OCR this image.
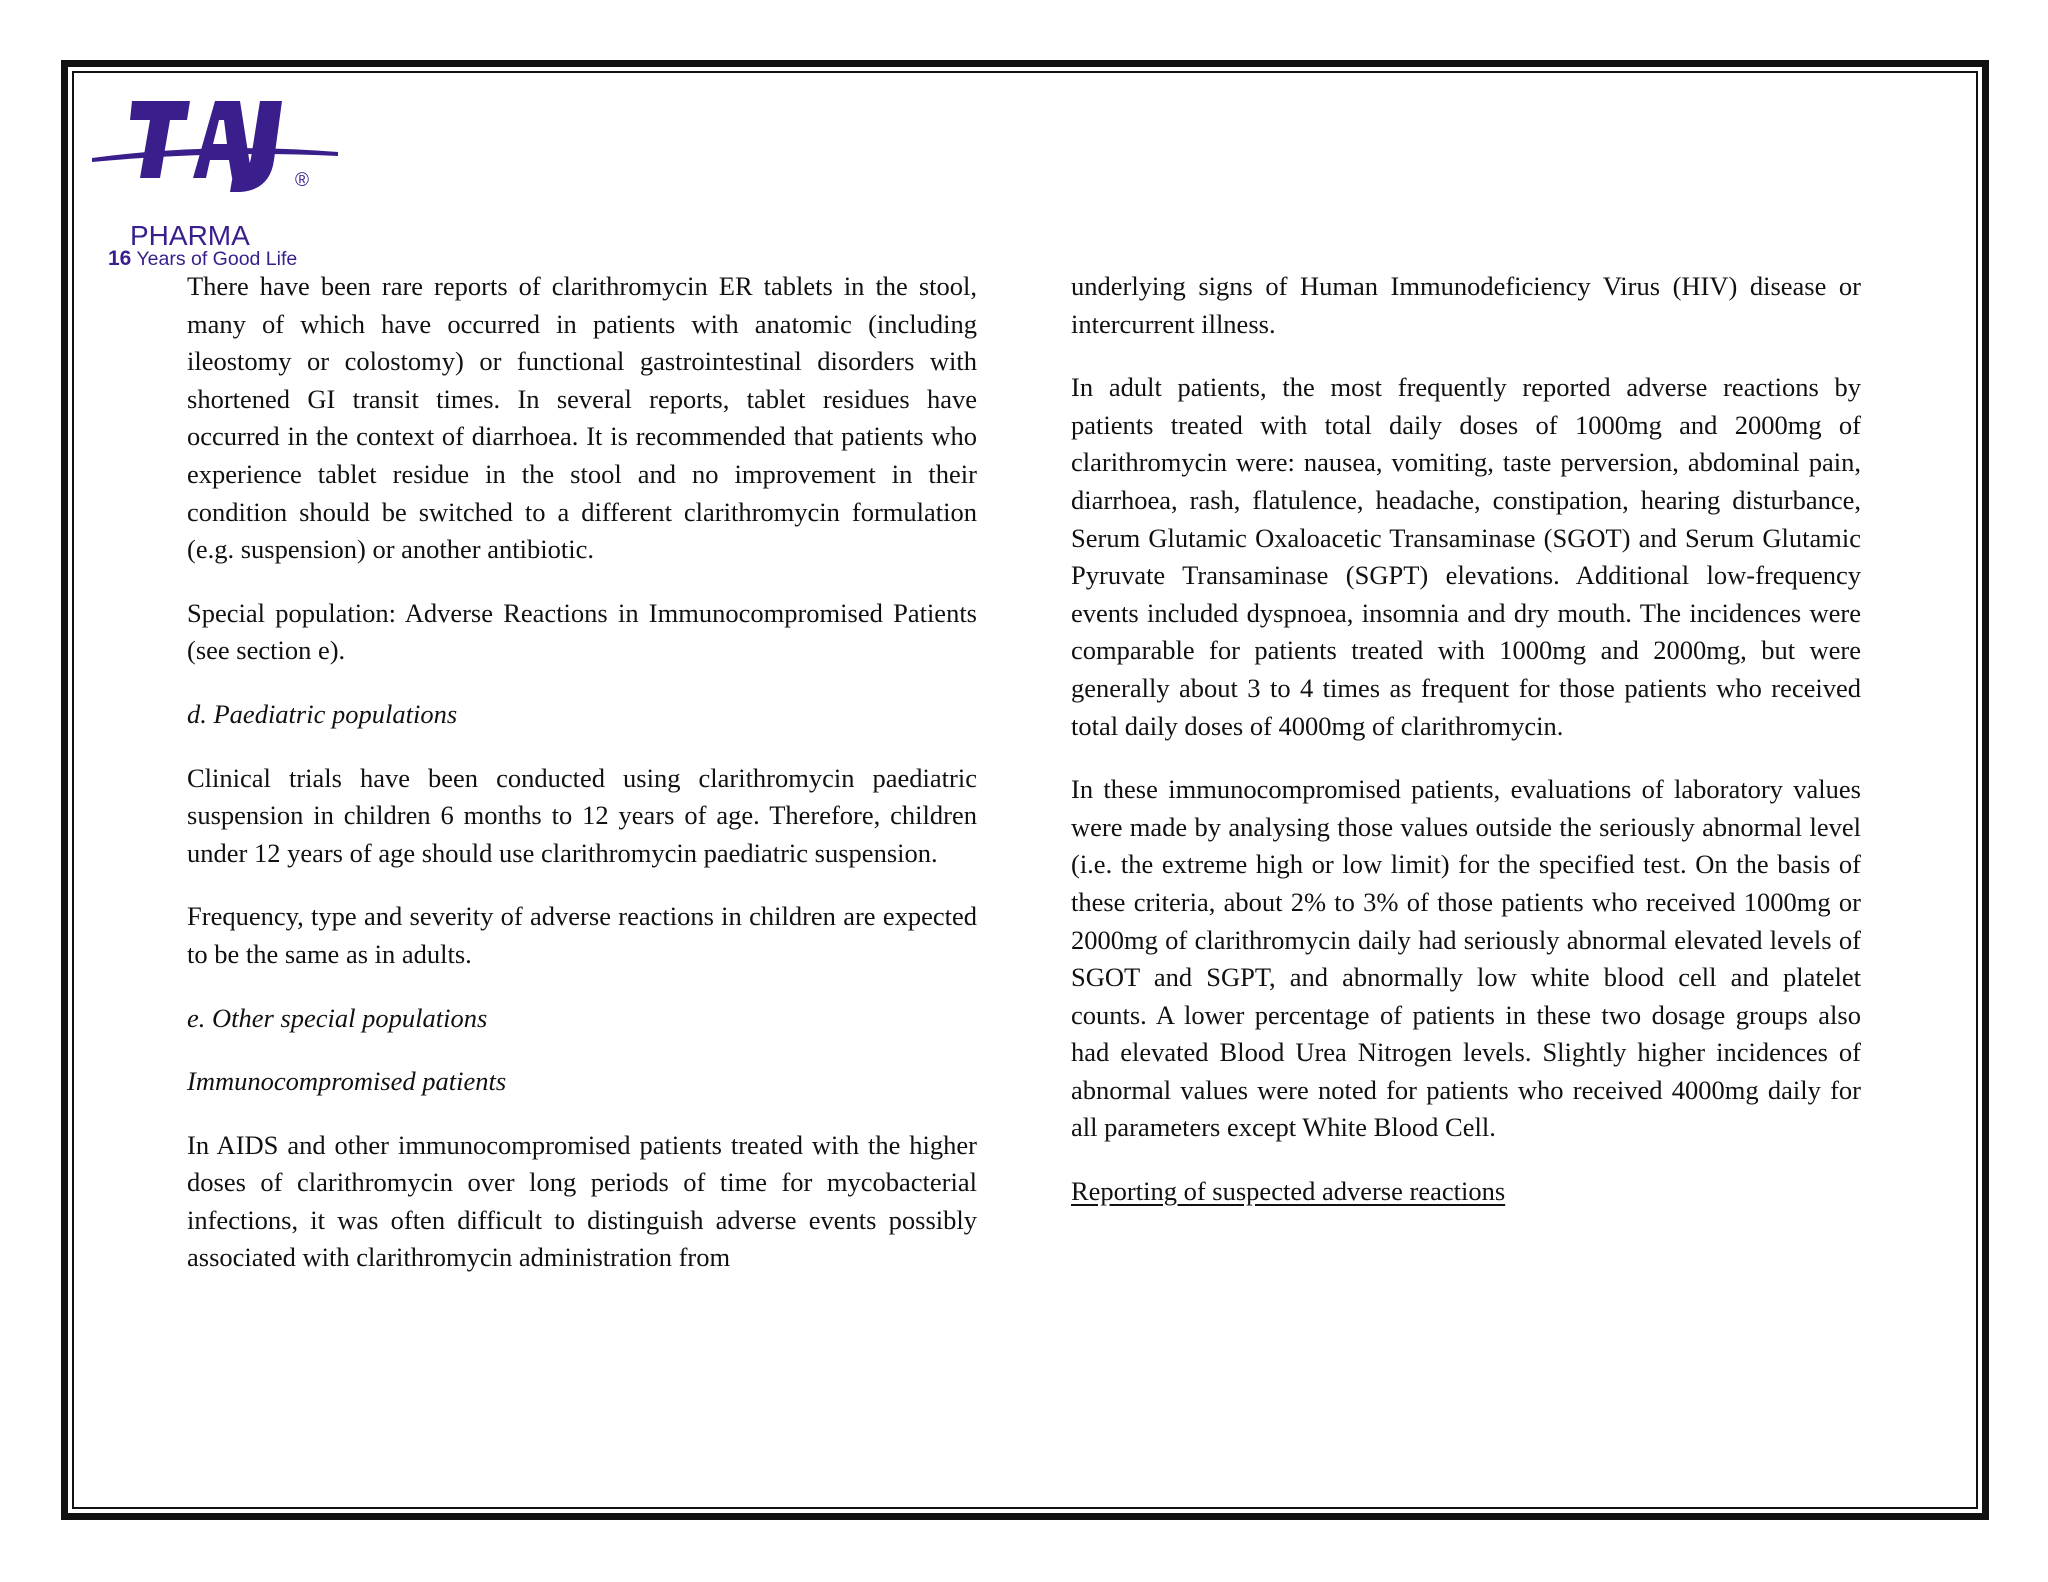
®
PHARMA
16 Years of Good Life

There have been rare reports of clarithromycin ER tablets in the stool, many of which have occurred in patients with anatomic (including ileostomy or colostomy) or functional gastrointestinal disorders with shortened GI transit times. In several reports, tablet residues have occurred in the context of diarrhoea. It is recommended that patients who experience tablet residue in the stool and no improvement in their condition should be switched to a different clarithromycin formulation (e.g. suspension) or another antibiotic.

Special population: Adverse Reactions in Immunocompromised Patients (see section e).

d. Paediatric populations

Clinical trials have been conducted using clarithromycin paediatric suspension in children 6 months to 12 years of age. Therefore, children under 12 years of age should use clarithromycin paediatric suspension.

Frequency, type and severity of adverse reactions in children are expected to be the same as in adults.

e. Other special populations

Immunocompromised patients

In AIDS and other immunocompromised patients treated with the higher doses of clarithromycin over long periods of time for mycobacterial infections, it was often difficult to distinguish adverse events possibly associated with clarithromycin administration from

underlying signs of Human Immunodeficiency Virus (HIV) disease or intercurrent illness.

In adult patients, the most frequently reported adverse reactions by patients treated with total daily doses of 1000mg and 2000mg of clarithromycin were: nausea, vomiting, taste perversion, abdominal pain, diarrhoea, rash, flatulence, headache, constipation, hearing disturbance, Serum Glutamic Oxaloacetic Transaminase (SGOT) and Serum Glutamic Pyruvate Transaminase (SGPT) elevations. Additional low-frequency events included dyspnoea, insomnia and dry mouth. The incidences were comparable for patients treated with 1000mg and 2000mg, but were generally about 3 to 4 times as frequent for those patients who received total daily doses of 4000mg of clarithromycin.

In these immunocompromised patients, evaluations of laboratory values were made by analysing those values outside the seriously abnormal level (i.e. the extreme high or low limit) for the specified test. On the basis of these criteria, about 2% to 3% of those patients who received 1000mg or 2000mg of clarithromycin daily had seriously abnormal elevated levels of SGOT and SGPT, and abnormally low white blood cell and platelet counts. A lower percentage of patients in these two dosage groups also had elevated Blood Urea Nitrogen levels. Slightly higher incidences of abnormal values were noted for patients who received 4000mg daily for all parameters except White Blood Cell.

Reporting of suspected adverse reactions
